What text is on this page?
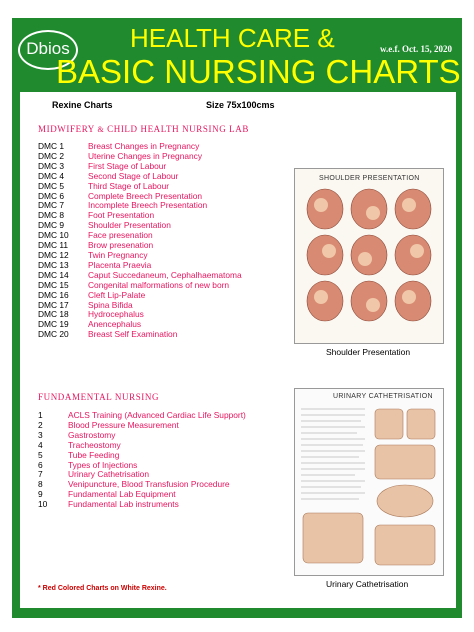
Dbios	HEALTH CARE &
BASIC NURSING CHARTS
w.e.f. Oct. 15, 2020
Rexine Charts	Size 75x100cms
MIDWIFERY & CHILD HEALTH NURSING LAB
DMC 1	Breast Changes in Pregnancy
DMC 2	Uterine Changes in Pregnancy
DMC 3	First Stage of Labour
DMC 4	Second Stage of Labour
DMC 5	Third Stage of Labour
DMC 6	Complete Breech Presentation
DMC 7	Incomplete Breech Presentation
DMC 8	Foot Presentation
DMC 9	Shoulder Presentation
DMC 10	Face presenation
DMC 11	Brow presenation
DMC 12	Twin Pregnancy
DMC 13	Placenta Praevia
DMC 14	Caput Succedaneum, Cephalhaematoma
DMC 15	Congenital malformations of new born
DMC 16	Cleft Lip-Palate
DMC 17	Spina Bifida
DMC 18	Hydrocephalus
DMC 19	Anencephalus
DMC 20	Breast Self Examination
SHOULDER PRESENTATION
Shoulder Presentation
FUNDAMENTAL NURSING
1	ACLS Training (Advanced Cardiac Life Support)
2	Blood Pressure Measurement
3	Gastrostomy
4	Tracheostomy
5	Tube Feeding
6	Types of Injections
7	Urinary Cathetrisation
8	Venipuncture, Blood Transfusion Procedure
9	Fundamental Lab Equipment
10	Fundamental Lab instruments
URINARY CATHETRISATION
Urinary Cathetrisation
* Red Colored Charts on White Rexine.
